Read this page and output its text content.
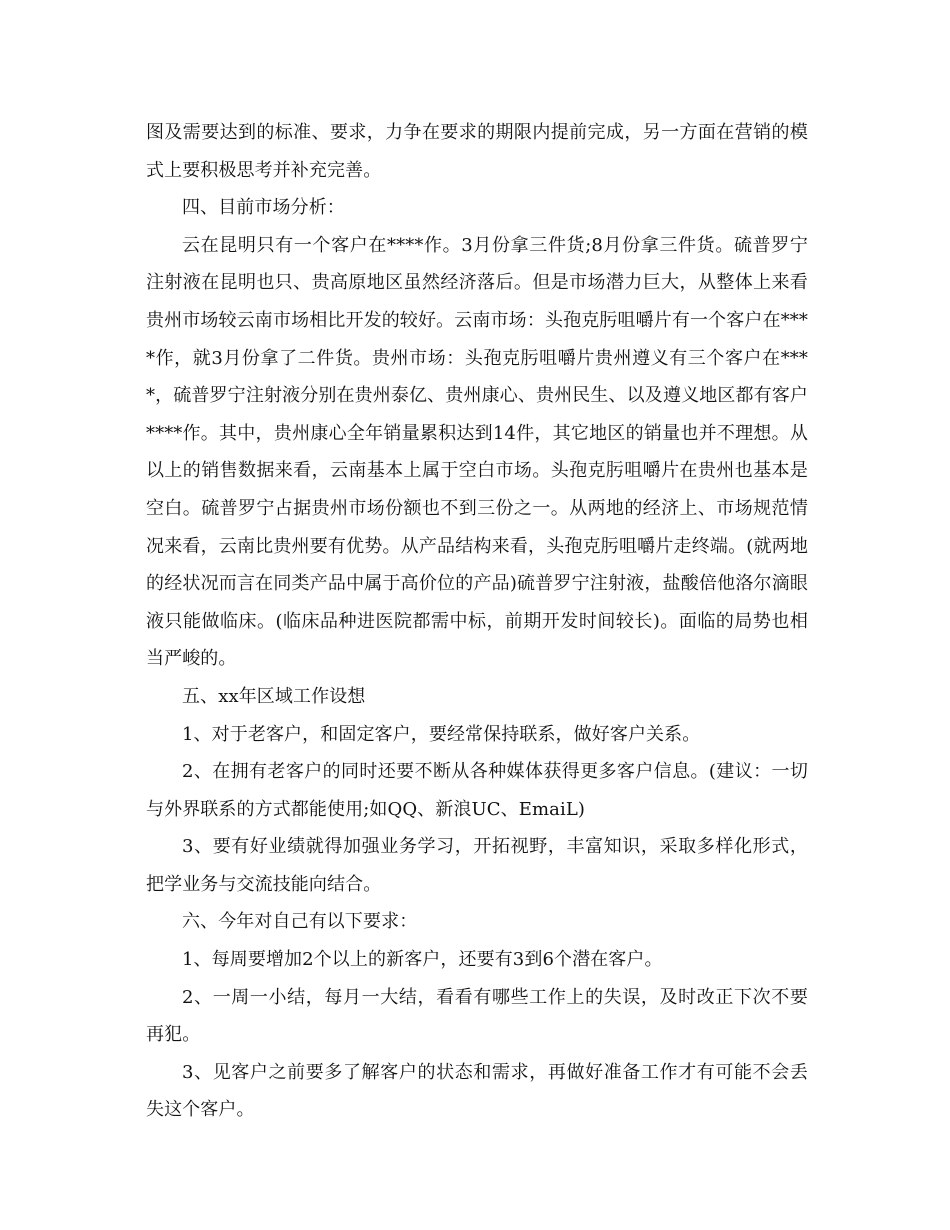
图及需要达到的标准、要求，力争在要求的期限内提前完成，另一方面在营销的模式上要积极思考并补充完善。

四、目前市场分析：

云在昆明只有一个客户在****作。3月份拿三件货;8月份拿三件货。硫普罗宁注射液在昆明也只、贵高原地区虽然经济落后。但是市场潜力巨大，从整体上来看贵州市场较云南市场相比开发的较好。云南市场：头孢克肟咀嚼片有一个客户在****作，就3月份拿了二件货。贵州市场：头孢克肟咀嚼片贵州遵义有三个客户在****，硫普罗宁注射液分别在贵州泰亿、贵州康心、贵州民生、以及遵义地区都有客户****作。其中，贵州康心全年销量累积达到14件，其它地区的销量也并不理想。从以上的销售数据来看，云南基本上属于空白市场。头孢克肟咀嚼片在贵州也基本是空白。硫普罗宁占据贵州市场份额也不到三份之一。从两地的经济上、市场规范情况来看，云南比贵州要有优势。从产品结构来看，头孢克肟咀嚼片走终端。(就两地的经状况而言在同类产品中属于高价位的产品)硫普罗宁注射液，盐酸倍他洛尔滴眼液只能做临床。(临床品种进医院都需中标，前期开发时间较长)。面临的局势也相当严峻的。

五、xx年区域工作设想

1、对于老客户，和固定客户，要经常保持联系，做好客户关系。

2、在拥有老客户的同时还要不断从各种媒体获得更多客户信息。(建议：一切与外界联系的方式都能使用;如QQ、新浪UC、EmaiL)

3、要有好业绩就得加强业务学习，开拓视野，丰富知识，采取多样化形式，把学业务与交流技能向结合。

六、今年对自己有以下要求：

1、每周要增加2个以上的新客户，还要有3到6个潜在客户。

2、一周一小结，每月一大结，看看有哪些工作上的失误，及时改正下次不要再犯。

3、见客户之前要多了解客户的状态和需求，再做好准备工作才有可能不会丢失这个客户。
